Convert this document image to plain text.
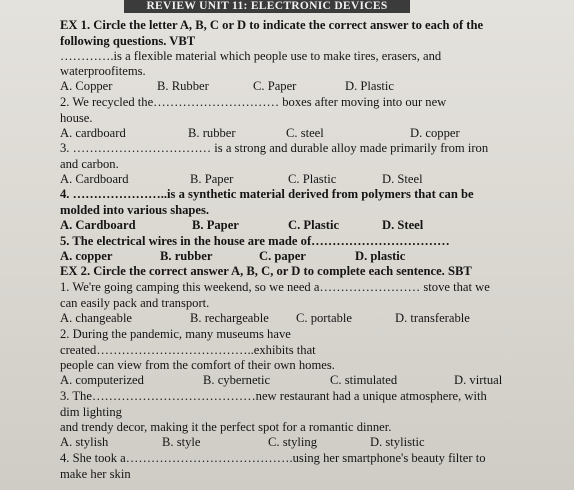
REVIEW UNIT 11: ELECTRONIC DEVICES
EX 1. Circle the letter A, B, C or D to indicate the correct answer to each of the
following questions. VBT
………….is a flexible material which people use to make tires, erasers, and
waterproofitems.
A. Copper	B. Rubber	C. Paper	D. Plastic
2. We recycled the………………………… boxes after moving into our new
house.
A. cardboard	B. rubber	C. steel	D. copper
3. …………………………… is a strong and durable alloy made primarily from iron
and carbon.
A. Cardboard	B. Paper	C. Plastic	D. Steel
4. …………………..is a synthetic material derived from polymers that can be
molded into various shapes.
A. Cardboard	B. Paper	C. Plastic	D. Steel
5. The electrical wires in the house are made of……………………………
A. copper	B. rubber	C. paper	D. plastic
EX 2. Circle the correct answer A, B, C, or D to complete each sentence. SBT
1. We're going camping this weekend, so we need a…………………… stove that we
can easily pack and transport.
A. changeable	B. rechargeable C. portable	D. transferable
2. During the pandemic, many museums have
created………………………………..exhibits that
people can view from the comfort of their own homes.
A. computerized	B. cybernetic	C. stimulated	D. virtual
3. The…………………………………new restaurant had a unique atmosphere, with
dim lighting
and trendy decor, making it the perfect spot for a romantic dinner.
A. stylish	B. style	C. styling	D. stylistic
4. She took a………………………………….using her smartphone's beauty filter to
make her skin
